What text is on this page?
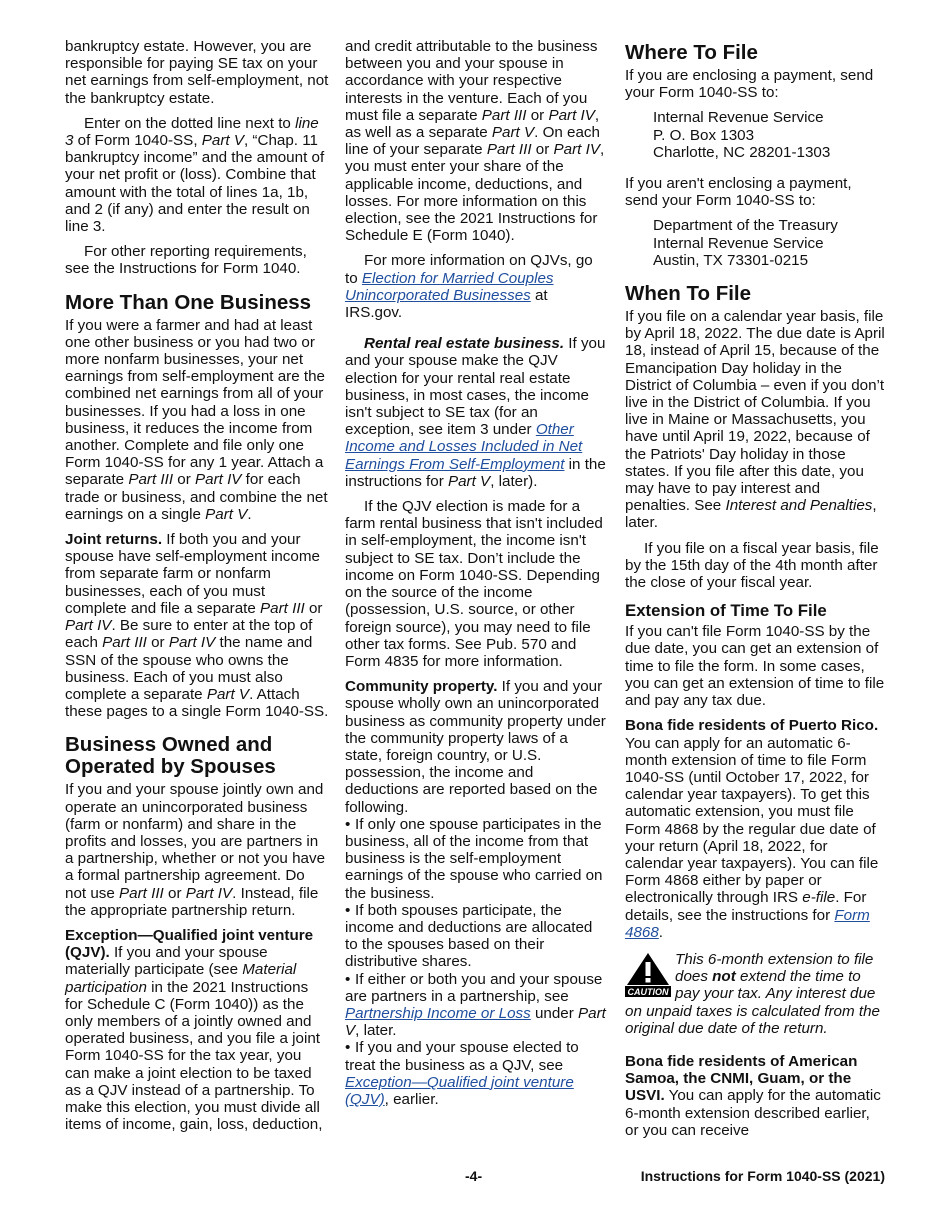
bankruptcy estate. However, you are responsible for paying SE tax on your net earnings from self-employment, not the bankruptcy estate.

Enter on the dotted line next to line 3 of Form 1040-SS, Part V, “Chap. 11 bankruptcy income” and the amount of your net profit or (loss). Combine that amount with the total of lines 1a, 1b, and 2 (if any) and enter the result on line 3.

For other reporting requirements, see the Instructions for Form 1040.

More Than One Business

If you were a farmer and had at least one other business or you had two or more nonfarm businesses, your net earnings from self-employment are the combined net earnings from all of your businesses. If you had a loss in one business, it reduces the income from another. Complete and file only one Form 1040-SS for any 1 year. Attach a separate Part III or Part IV for each trade or business, and combine the net earnings on a single Part V.

Joint returns. If both you and your spouse have self-employment income from separate farm or nonfarm businesses, each of you must complete and file a separate Part III or Part IV. Be sure to enter at the top of each Part III or Part IV the name and SSN of the spouse who owns the business. Each of you must also complete a separate Part V. Attach these pages to a single Form 1040-SS.

Business Owned and Operated by Spouses

If you and your spouse jointly own and operate an unincorporated business (farm or nonfarm) and share in the profits and losses, you are partners in a partnership, whether or not you have a formal partnership agreement. Do not use Part III or Part IV. Instead, file the appropriate partnership return.

Exception—Qualified joint venture (QJV). If you and your spouse materially participate (see Material participation in the 2021 Instructions for Schedule C (Form 1040)) as the only members of a jointly owned and operated business, and you file a joint Form 1040-SS for the tax year, you can make a joint election to be taxed as a QJV instead of a partnership. To make this election, you must divide all items of income, gain, loss, deduction,

and credit attributable to the business between you and your spouse in accordance with your respective interests in the venture. Each of you must file a separate Part III or Part IV, as well as a separate Part V. On each line of your separate Part III or Part IV, you must enter your share of the applicable income, deductions, and losses. For more information on this election, see the 2021 Instructions for Schedule E (Form 1040).

For more information on QJVs, go to Election for Married Couples Unincorporated Businesses at IRS.gov.

Rental real estate business. If you and your spouse make the QJV election for your rental real estate business, in most cases, the income isn't subject to SE tax (for an exception, see item 3 under Other Income and Losses Included in Net Earnings From Self-Employment in the instructions for Part V, later).

If the QJV election is made for a farm rental business that isn't included in self-employment, the income isn't subject to SE tax. Don’t include the income on Form 1040-SS. Depending on the source of the income (possession, U.S. source, or other foreign source), you may need to file other tax forms. See Pub. 570 and Form 4835 for more information.

Community property. If you and your spouse wholly own an unincorporated business as community property under the community property laws of a state, foreign country, or U.S. possession, the income and deductions are reported based on the following.

• If only one spouse participates in the business, all of the income from that business is the self-employment earnings of the spouse who carried on the business.

• If both spouses participate, the income and deductions are allocated to the spouses based on their distributive shares.

• If either or both you and your spouse are partners in a partnership, see Partnership Income or Loss under Part V, later.

• If you and your spouse elected to treat the business as a QJV, see Exception—Qualified joint venture (QJV), earlier.

Where To File

If you are enclosing a payment, send your Form 1040-SS to:

Internal Revenue Service
P. O. Box 1303
Charlotte, NC 28201-1303

If you aren't enclosing a payment, send your Form 1040-SS to:

Department of the Treasury
Internal Revenue Service
Austin, TX 73301-0215
When To File

If you file on a calendar year basis, file by April 18, 2022. The due date is April 18, instead of April 15, because of the Emancipation Day holiday in the District of Columbia – even if you don’t live in the District of Columbia. If you live in Maine or Massachusetts, you have until April 19, 2022, because of the Patriots' Day holiday in those states. If you file after this date, you may have to pay interest and penalties. See Interest and Penalties, later.

If you file on a fiscal year basis, file by the 15th day of the 4th month after the close of your fiscal year.

Extension of Time To File

If you can't file Form 1040-SS by the due date, you can get an extension of time to file the form. In some cases, you can get an extension of time to file and pay any tax due.

Bona fide residents of Puerto Rico. You can apply for an automatic 6-month extension of time to file Form 1040-SS (until October 17, 2022, for calendar year taxpayers). To get this automatic extension, you must file Form 4868 by the regular due date of your return (April 18, 2022, for calendar year taxpayers). You can file Form 4868 either by paper or electronically through IRS e-file. For details, see the instructions for Form 4868.

CAUTION
This 6-month extension to file does not extend the time to pay your tax. Any interest due on unpaid taxes is calculated from the original due date of the return.

Bona fide residents of American Samoa, the CNMI, Guam, or the USVI. You can apply for the automatic 6-month extension described earlier, or you can receive

-4-	Instructions for Form 1040-SS (2021)
